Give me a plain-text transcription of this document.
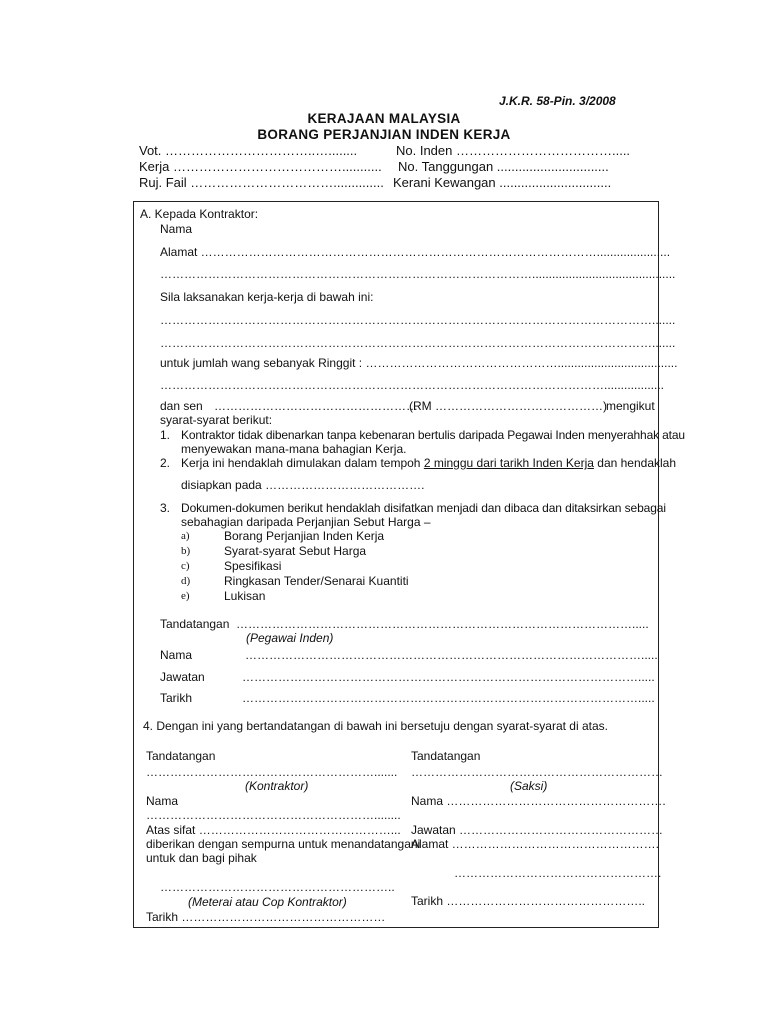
J.K.R. 58-Pin. 3/2008
KERAJAAN MALAYSIA
BORANG PERJANJIAN INDEN KERJA
Vot. ……………………………..…........	No. Inden ……………………………….....
Kerja …………………………………........... No. Tanggungan ...............................
Ruj. Fail …………………………….............. Kerani Kewangan ...............................
A. Kepada Kontraktor:
Nama
Alamat ………………………………………………………………………………………......................
…………………………………………………………………………………...........................................
Sila laksanakan kerja-kerja di bawah ini:
…………………………………………………………………………………………………………….......
…………………………………………………………………………………………………………….......
untuk jumlah wang sebanyak Ringgit : …………………………………………....................................
…………………………………………………………………………………………………..................
dan sen ……………………………………………
(RM ……………………………………) mengikut
syarat-syarat berikut:
1. Kontraktor tidak dibenarkan tanpa kebenaran bertulis daripada Pegawai Inden menyerahhak atau
menyewakan mana-mana bahagian Kerja.
2. Kerja ini hendaklah dimulakan dalam tempoh 2 minggu dari tarikh Inden Kerja dan hendaklah
disiapkan pada ………………………………….
3. Dokumen-dokumen berikut hendaklah disifatkan menjadi dan dibaca dan ditaksirkan sebagai
sebahagian daripada Perjanjian Sebut Harga –
a)	Borang Perjanjian Inden Kerja
b)	Syarat-syarat Sebut Harga
c)	Spesifikasi
d)	Ringkasan Tender/Senarai Kuantiti
e)	Lukisan
Tandatangan ……………………………………………………………………………………….....
(Pegawai Inden)
Nama	……………………………………………………………………………………….....
Jawatan	……………………………………………………………………………………….....
Tarikh	……………………………………………………………………………………….....
4. Dengan ini yang bertandatangan di bawah ini bersetuju dengan syarat-syarat di atas.
Tandatangan
………………………………………………….......
(Kontraktor)
Nama
…………………………………………………........
Atas sifat …………………………………………...
diberikan dengan sempurna untuk menandatangani
untuk dan bagi pihak
…………………………………………………..
(Meterai atau Cop Kontraktor)
Tarikh ……………………………………………
Tandatangan
………………………………………………………
(Saksi)
Nama ……………………………………………….
Jawatan ……………………………………………
Alamat …………………………………………….
…………………………………………….
Tarikh …………………………………………..
